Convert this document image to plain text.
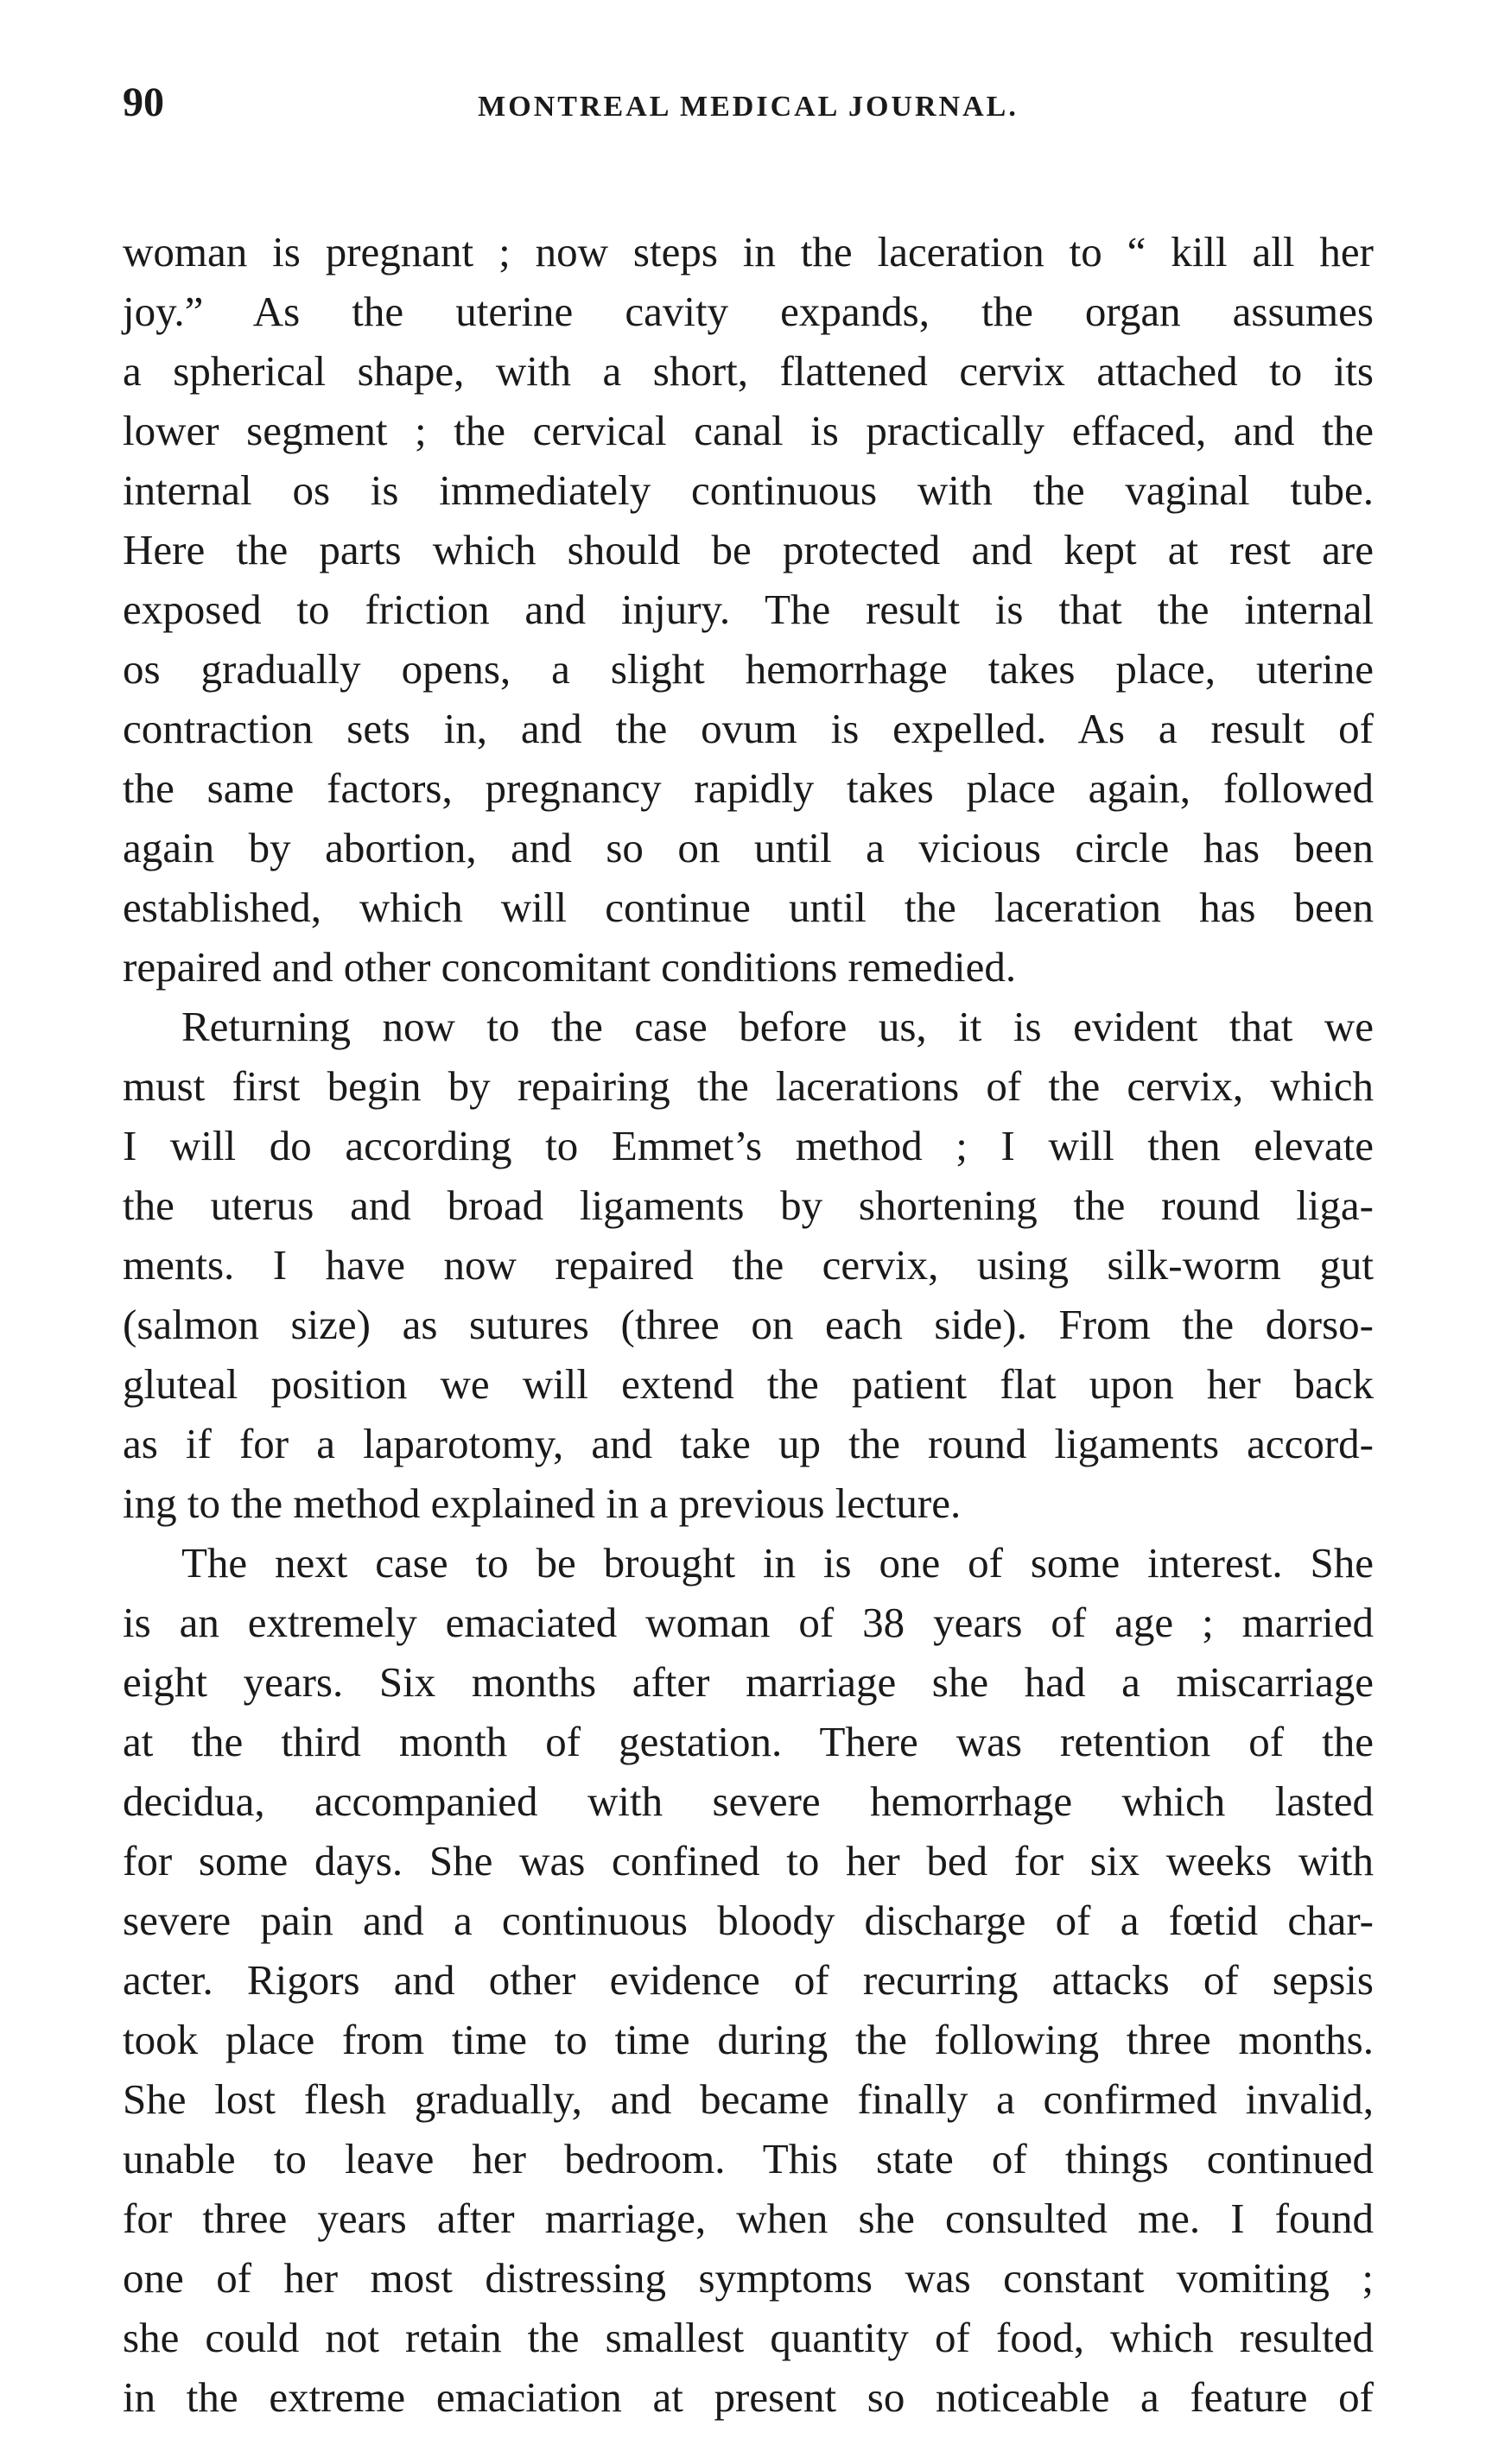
90	MONTREAL MEDICAL JOURNAL.
woman is pregnant ; now steps in the laceration to “ kill all her
joy.” As the uterine cavity expands, the organ assumes
a spherical shape, with a short, flattened cervix attached to its
lower segment ; the cervical canal is practically effaced, and the
internal os is immediately continuous with the vaginal tube.
Here the parts which should be protected and kept at rest are
exposed to friction and injury. The result is that the internal
os gradually opens, a slight hemorrhage takes place, uterine
contraction sets in, and the ovum is expelled. As a result of
the same factors, pregnancy rapidly takes place again, followed
again by abortion, and so on until a vicious circle has been
established, which will continue until the laceration has been
repaired and other concomitant conditions remedied.
Returning now to the case before us, it is evident that we
must first begin by repairing the lacerations of the cervix, which
I will do according to Emmet’s method ; I will then elevate
the uterus and broad ligaments by shortening the round liga-
ments. I have now repaired the cervix, using silk-worm gut
(salmon size) as sutures (three on each side). From the dorso-
gluteal position we will extend the patient flat upon her back
as if for a laparotomy, and take up the round ligaments accord-
ing to the method explained in a previous lecture.
The next case to be brought in is one of some interest. She
is an extremely emaciated woman of 38 years of age ; married
eight years. Six months after marriage she had a miscarriage
at the third month of gestation. There was retention of the
decidua, accompanied with severe hemorrhage which lasted
for some days. She was confined to her bed for six weeks with
severe pain and a continuous bloody discharge of a fœtid char-
acter. Rigors and other evidence of recurring attacks of sepsis
took place from time to time during the following three months.
She lost flesh gradually, and became finally a confirmed invalid,
unable to leave her bedroom. This state of things continued
for three years after marriage, when she consulted me. I found
one of her most distressing symptoms was constant vomiting ;
she could not retain the smallest quantity of food, which resulted
in the extreme emaciation at present so noticeable a feature of
